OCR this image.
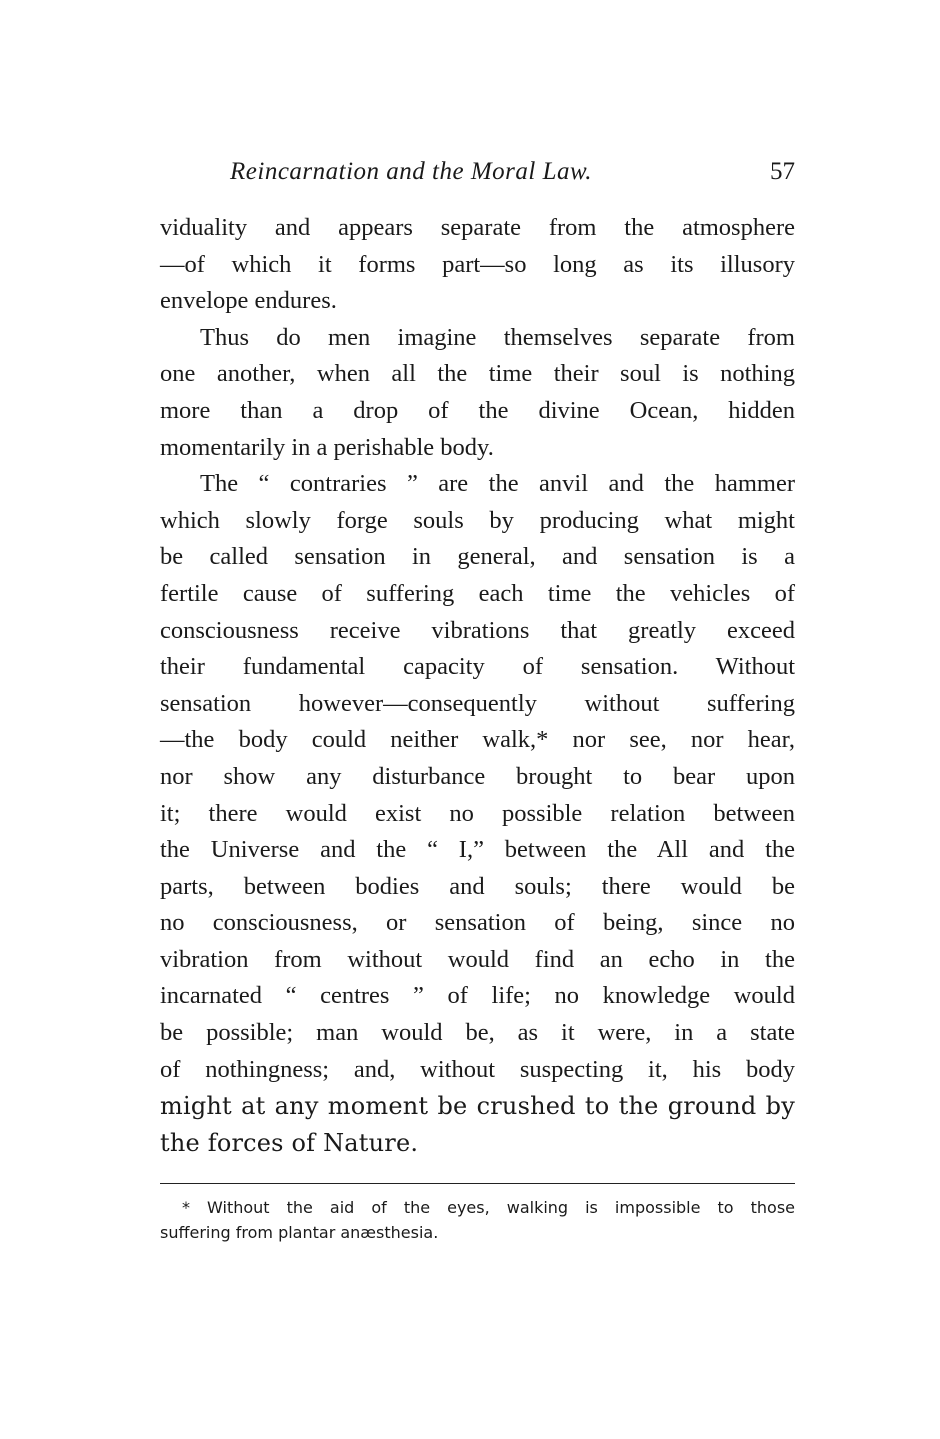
Reincarnation and the Moral Law.	57
viduality and appears separate from the atmosphere
—of which it forms part—so long as its illusory
envelope endures.
Thus do men imagine themselves separate from
one another, when all the time their soul is nothing
more than a drop of the divine Ocean, hidden
momentarily in a perishable body.
The “ contraries ” are the anvil and the hammer
which slowly forge souls by producing what might
be called sensation in general, and sensation is a
fertile cause of suffering each time the vehicles of
consciousness receive vibrations that greatly exceed
their fundamental capacity of sensation. Without
sensation however—consequently without suffering
—the body could neither walk,* nor see, nor hear,
nor show any disturbance brought to bear upon
it; there would exist no possible relation between
the Universe and the “ I,” between the All and the
parts, between bodies and souls; there would be
no consciousness, or sensation of being, since no
vibration from without would find an echo in the
incarnated “ centres ” of life; no knowledge would
be possible; man would be, as it were, in a state
of nothingness; and, without suspecting it, his body
might at any moment be crushed to the ground by
the forces of Nature.
* Without the aid of the eyes, walking is impossible to those
suffering from plantar anæsthesia.
